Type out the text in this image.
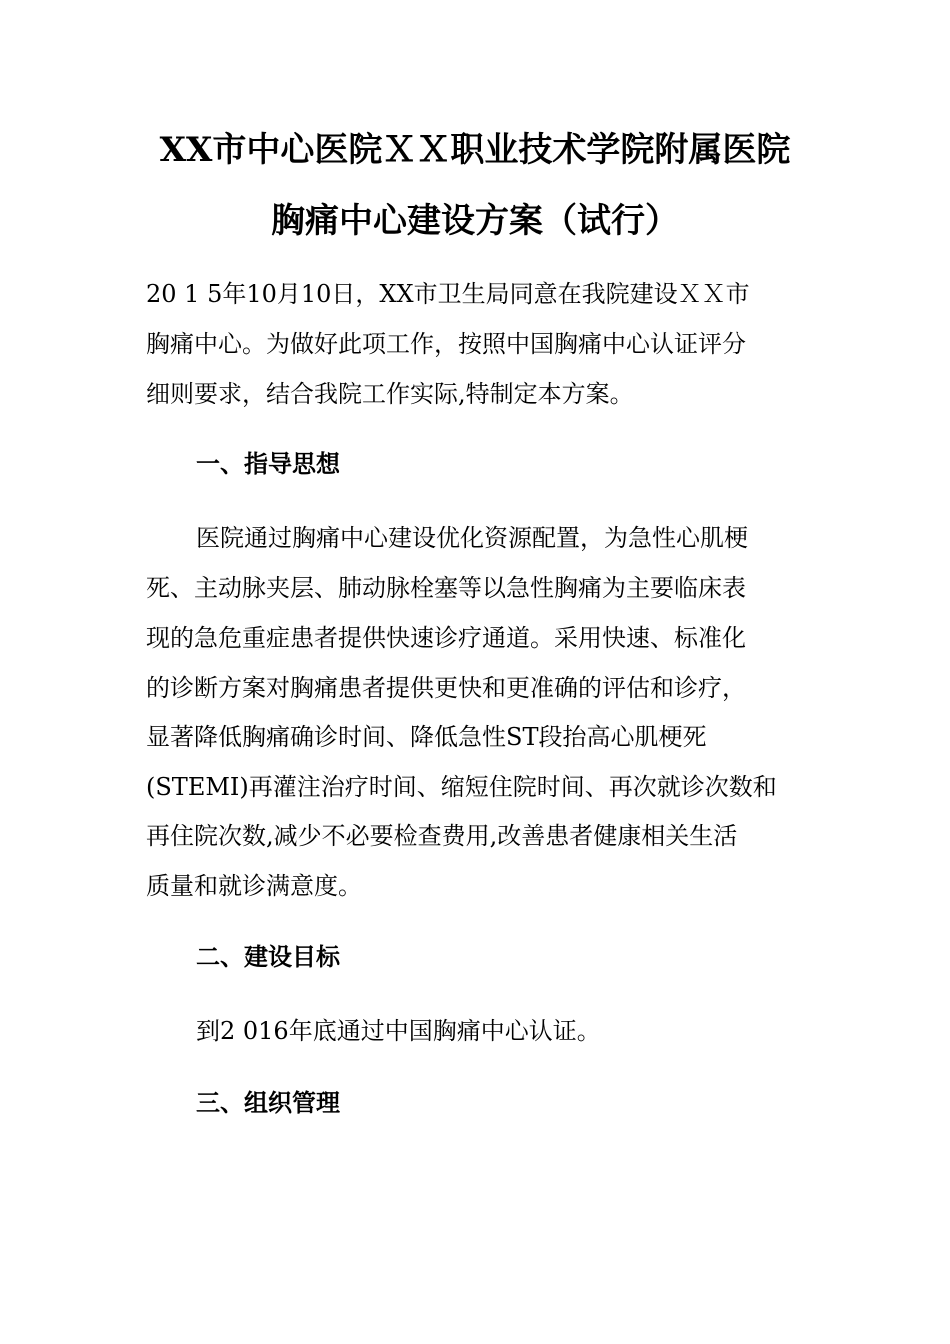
XX市中心医院ＸＸ职业技术学院附属医院
胸痛中心建设方案（试行）
20 1 5年10月10日，XX市卫生局同意在我院建设ＸＸ市
胸痛中心。为做好此项工作，按照中国胸痛中心认证评分
细则要求，结合我院工作实际,特制定本方案。
一、指导思想
医院通过胸痛中心建设优化资源配置，为急性心肌梗
死、主动脉夹层、肺动脉栓塞等以急性胸痛为主要临床表
现的急危重症患者提供快速诊疗通道。采用快速、标准化
的诊断方案对胸痛患者提供更快和更准确的评估和诊疗，
显著降低胸痛确诊时间、降低急性ST段抬高心肌梗死
(STEMI)再灌注治疗时间、缩短住院时间、再次就诊次数和
再住院次数,减少不必要检查费用,改善患者健康相关生活
质量和就诊满意度。
二、建设目标
到2 016年底通过中国胸痛中心认证。
三、组织管理
